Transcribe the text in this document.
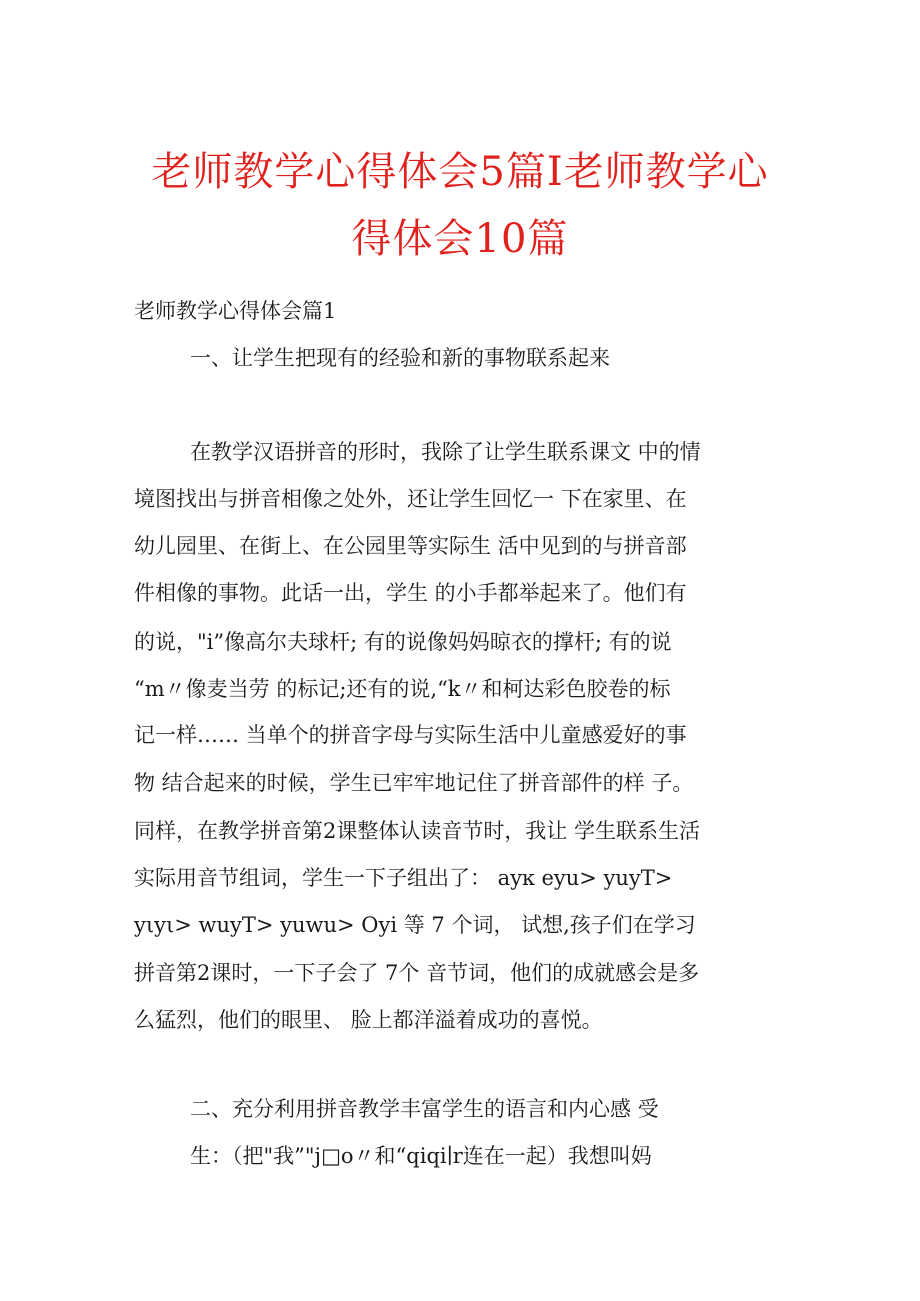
老师教学心得体会5篇I老师教学心
得体会10篇

老师教学心得体会篇1

一、让学生把现有的经验和新的事物联系起来

在教学汉语拼音的形时，我除了让学生联系课文 中的情

境图找出与拼音相像之处外，还让学生回忆一 下在家里、在

幼儿园里、在街上、在公园里等实际生 活中见到的与拼音部

件相像的事物。此话一出，学生 的小手都举起来了。他们有

的说，"i”像高尔夫球杆; 有的说像妈妈晾衣的撑杆; 有的说

“m〃像麦当劳 的标记;还有的说,“k〃和柯达彩色胶卷的标

记一样…… 当单个的拼音字母与实际生活中儿童感爱好的事

物 结合起来的时候，学生已牢牢地记住了拼音部件的样 子。

同样，在教学拼音第2课整体认读音节时，我让 学生联系生活

实际用音节组词，学生一下子组出了： ayĸ eyu> yuyT>

yιyι> wuyT> yuwu> Oyi 等 7 个词， 试想,孩子们在学习

拼音第2课时，一下子会了 7个 音节词，他们的成就感会是多

么猛烈，他们的眼里、 脸上都洋溢着成功的喜悦。

二、充分利用拼音教学丰富学生的语言和内心感 受

生：（把"我”"j□o〃和“qiqi∣r连在一起）我想叫妈
